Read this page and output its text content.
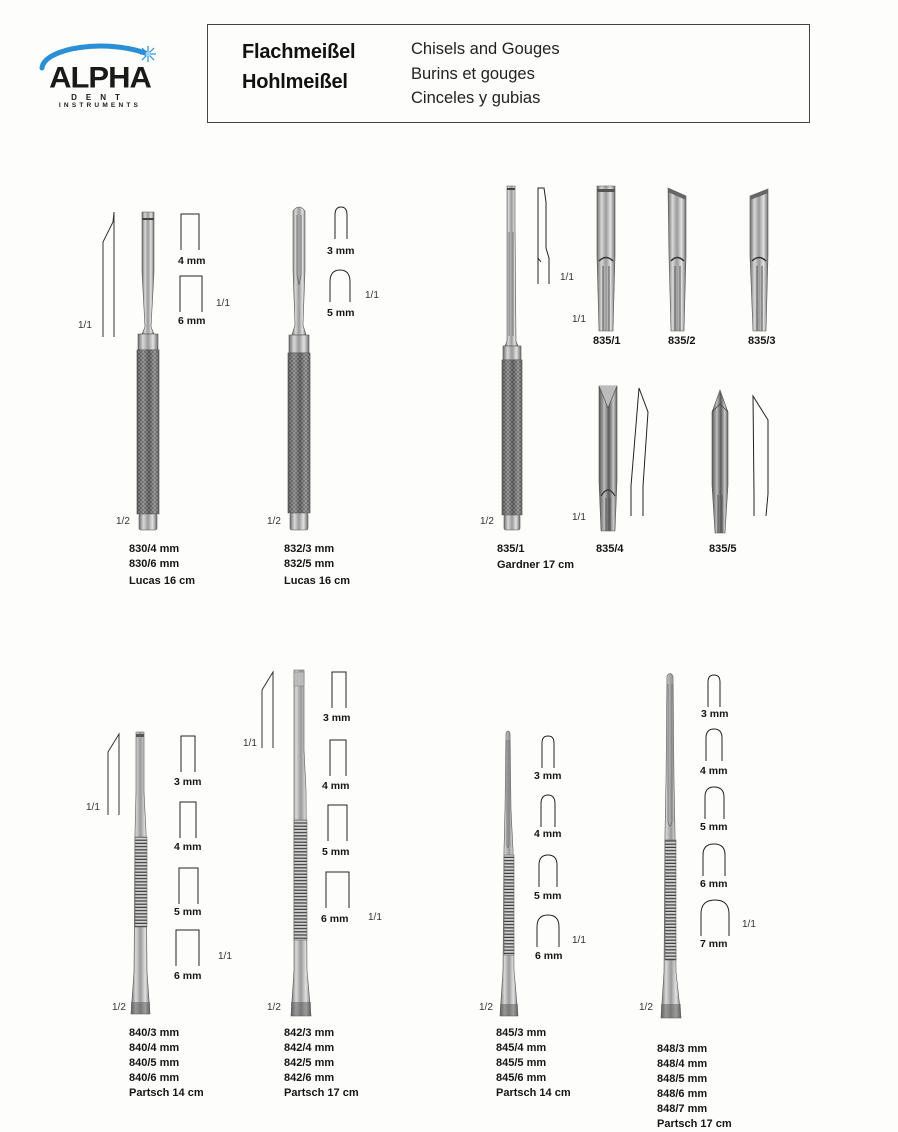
ALPHA
DENT
INSTRUMENTS
Flachmeißel
Hohlmeißel
Chisels and Gouges
Burins et gouges
Cinceles y gubias
4 mm
6 mm
1/1
1/1
1/2
830/4 mm
830/6 mm
Lucas 16 cm
3 mm
5 mm
1/1
1/2
832/3 mm
832/5 mm
Lucas 16 cm
1/1
835/1
1/1
835/2	835/3
835/4
1/1
835/5
1/2
835/1
Gardner 17 cm
1/1
3 mm
4 mm
5 mm
6 mm
1/1
1/2
840/3 mm
840/4 mm
840/5 mm
840/6 mm
Partsch 14 cm
1/1
3 mm
4 mm
5 mm
6 mm 1/1
1/2
842/3 mm
842/4 mm
842/5 mm
842/6 mm
Partsch 17 cm
3 mm
4 mm
5 mm
6 mm
1/1
1/2
845/3 mm
845/4 mm
845/5 mm
845/6 mm
Partsch 14 cm
3 mm
4 mm
5 mm
6 mm
7 mm
1/1
1/2
848/3 mm
848/4 mm
848/5 mm
848/6 mm
848/7 mm
Partsch 17 cm
